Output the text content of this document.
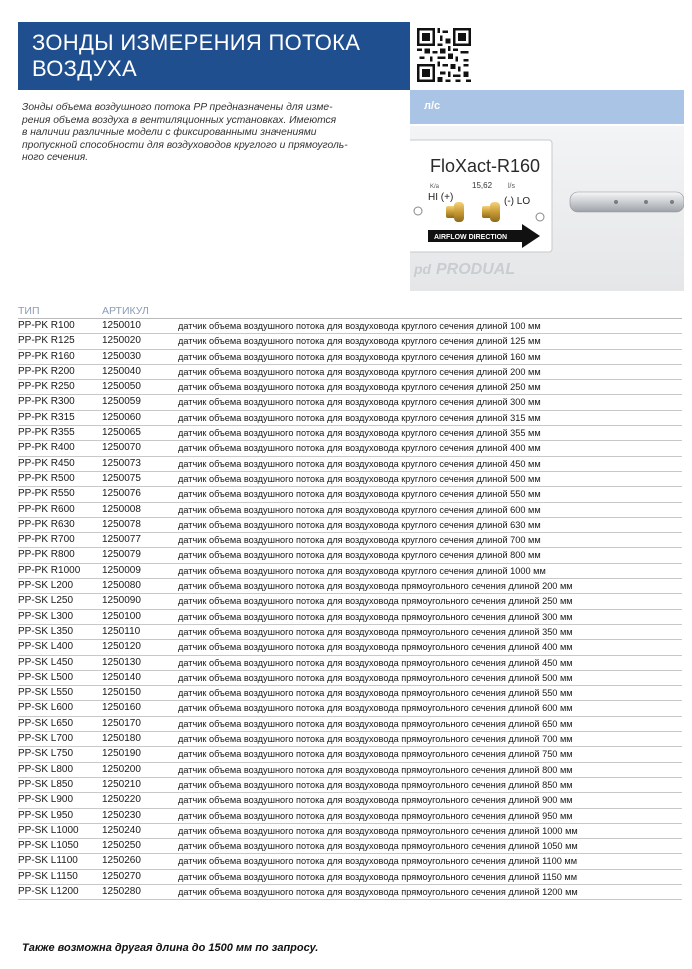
ЗОНДЫ ИЗМЕРЕНИЯ ПОТОКА
ВОЗДУХА
л/с
Зонды объема воздушного потока PP предназначены для изме-
рения объема воздуха в вентиляционных установках. Имеются
в наличии различные модели с фиксированными значениями
пропускной способности для воздуховодов круглого и прямоуголь-
ного сечения.	FloXact-R160
K/a	15,62 l/s
HI (+)	(-) LO
AIRFLOW DIRECTION
pd PRODUAL
ТИП	АРТИКУЛ
PP-PK R100	1250010	датчик объема воздушного потока для воздуховода круглого сечения длиной 100 мм
PP-PK R125	1250020	датчик объема воздушного потока для воздуховода круглого сечения длиной 125 мм
PP-PK R160	1250030	датчик объема воздушного потока для воздуховода круглого сечения длиной 160 мм
PP-PK R200	1250040	датчик объема воздушного потока для воздуховода круглого сечения длиной 200 мм
PP-PK R250	1250050	датчик объема воздушного потока для воздуховода круглого сечения длиной 250 мм
PP-PK R300	1250059	датчик объема воздушного потока для воздуховода круглого сечения длиной 300 мм
PP-PK R315	1250060	датчик объема воздушного потока для воздуховода круглого сечения длиной 315 мм
PP-PK R355	1250065	датчик объема воздушного потока для воздуховода круглого сечения длиной 355 мм
PP-PK R400	1250070	датчик объема воздушного потока для воздуховода круглого сечения длиной 400 мм
PP-PK R450	1250073	датчик объема воздушного потока для воздуховода круглого сечения длиной 450 мм
PP-PK R500	1250075	датчик объема воздушного потока для воздуховода круглого сечения длиной 500 мм
PP-PK R550	1250076	датчик объема воздушного потока для воздуховода круглого сечения длиной 550 мм
PP-PK R600	1250008	датчик объема воздушного потока для воздуховода круглого сечения длиной 600 мм
PP-PK R630	1250078	датчик объема воздушного потока для воздуховода круглого сечения длиной 630 мм
PP-PK R700	1250077	датчик объема воздушного потока для воздуховода круглого сечения длиной 700 мм
PP-PK R800	1250079	датчик объема воздушного потока для воздуховода круглого сечения длиной 800 мм
PP-PK R1000 1250009	датчик объема воздушного потока для воздуховода круглого сечения длиной 1000 мм
PP-SK L200	1250080	датчик объема воздушного потока для воздуховода прямоугольного сечения длиной 200 мм
PP-SK L250	1250090	датчик объема воздушного потока для воздуховода прямоугольного сечения длиной 250 мм
PP-SK L300	1250100	датчик объема воздушного потока для воздуховода прямоугольного сечения длиной 300 мм
PP-SK L350	1250110	датчик объема воздушного потока для воздуховода прямоугольного сечения длиной 350 мм
PP-SK L400	1250120	датчик объема воздушного потока для воздуховода прямоугольного сечения длиной 400 мм
PP-SK L450	1250130	датчик объема воздушного потока для воздуховода прямоугольного сечения длиной 450 мм
PP-SK L500	1250140	датчик объема воздушного потока для воздуховода прямоугольного сечения длиной 500 мм
PP-SK L550	1250150	датчик объема воздушного потока для воздуховода прямоугольного сечения длиной 550 мм
PP-SK L600	1250160	датчик объема воздушного потока для воздуховода прямоугольного сечения длиной 600 мм
PP-SK L650	1250170	датчик объема воздушного потока для воздуховода прямоугольного сечения длиной 650 мм
PP-SK L700	1250180	датчик объема воздушного потока для воздуховода прямоугольного сечения длиной 700 мм
PP-SK L750	1250190	датчик объема воздушного потока для воздуховода прямоугольного сечения длиной 750 мм
PP-SK L800	1250200	датчик объема воздушного потока для воздуховода прямоугольного сечения длиной 800 мм
PP-SK L850	1250210	датчик объема воздушного потока для воздуховода прямоугольного сечения длиной 850 мм
PP-SK L900	1250220	датчик объема воздушного потока для воздуховода прямоугольного сечения длиной 900 мм
PP-SK L950	1250230	датчик объема воздушного потока для воздуховода прямоугольного сечения длиной 950 мм
PP-SK L1000 1250240	датчик объема воздушного потока для воздуховода прямоугольного сечения длиной 1000 мм
PP-SK L1050 1250250	датчик объема воздушного потока для воздуховода прямоугольного сечения длиной 1050 мм
PP-SK L1100 1250260	датчик объема воздушного потока для воздуховода прямоугольного сечения длиной 1100 мм
PP-SK L1150 1250270	датчик объема воздушного потока для воздуховода прямоугольного сечения длиной 1150 мм
PP-SK L1200 1250280	датчик объема воздушного потока для воздуховода прямоугольного сечения длиной 1200 мм
Также возможна другая длина до 1500 мм по запросу.
